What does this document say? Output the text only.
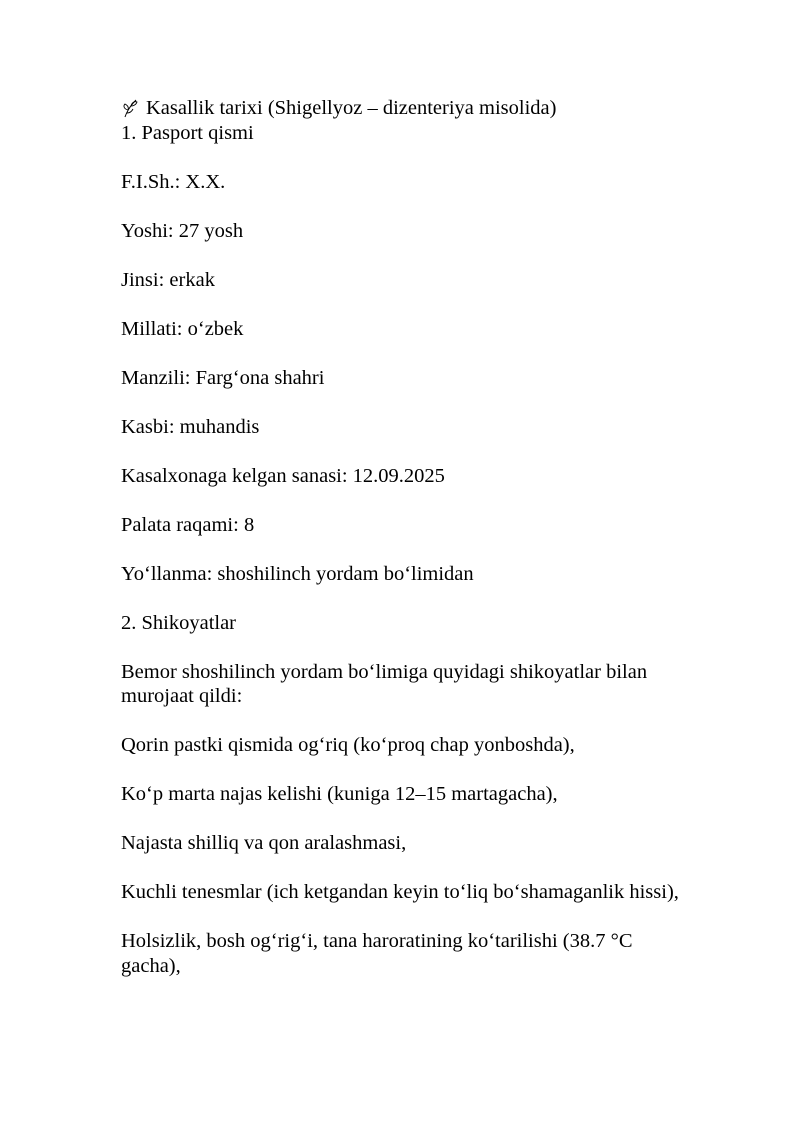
Kasallik tarixi (Shigellyoz – dizenteriya misolida)

1. Pasport qismi

F.I.Sh.: X.X.

Yoshi: 27 yosh

Jinsi: erkak

Millati: o‘zbek

Manzili: Farg‘ona shahri

Kasbi: muhandis

Kasalxonaga kelgan sanasi: 12.09.2025

Palata raqami: 8

Yo‘llanma: shoshilinch yordam bo‘limidan

2. Shikoyatlar

Bemor shoshilinch yordam bo‘limiga quyidagi shikoyatlar bilan murojaat qildi:

Qorin pastki qismida og‘riq (ko‘proq chap yonboshda),

Ko‘p marta najas kelishi (kuniga 12–15 martagacha),

Najasta shilliq va qon aralashmasi,

Kuchli tenesmlar (ich ketgandan keyin to‘liq bo‘shamaganlik hissi),

Holsizlik, bosh og‘rig‘i, tana haroratining ko‘tarilishi (38.7 °C gachа),
